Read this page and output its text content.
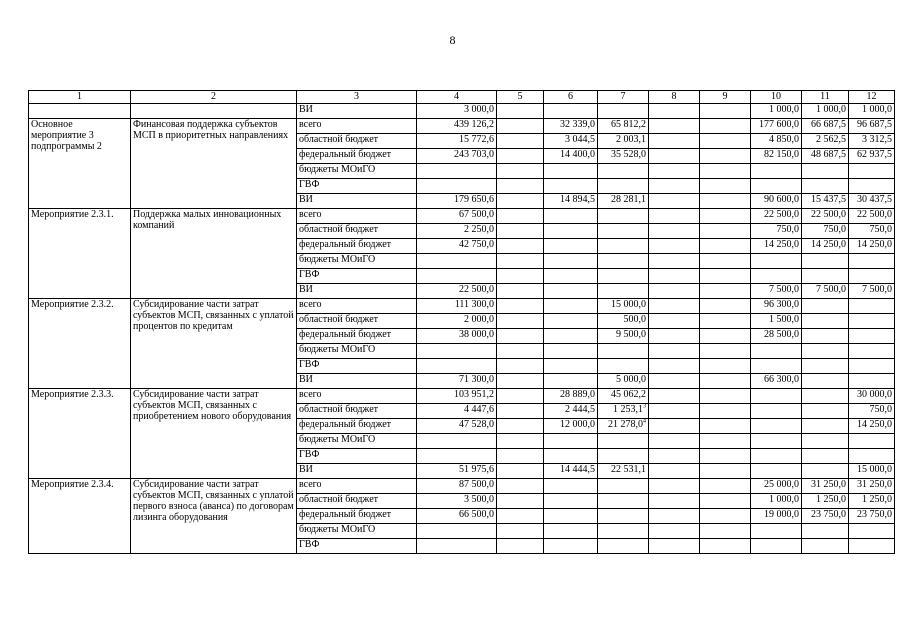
8
1	2	3	4	5	6	7	8	9	10	11	12
		ВИ	3 000,0						1 000,0	1 000,0	1 000,0
Основное мероприятие 3 подпрограммы 2	Финансовая поддержка субъектов МСП в приоритетных направлениях	всего	439 126,2		32 339,0	65 812,2			177 600,0	66 687,5	96 687,5
		областной бюджет	15 772,6		3 044,5	2 003,1			4 850,0	2 562,5	3 312,5
		федеральный бюджет	243 703,0		14 400,0	35 528,0			82 150,0	48 687,5	62 937,5
		бюджеты МОиГО									
		ГВФ									
		ВИ	179 650,6		14 894,5	28 281,1			90 600,0	15 437,5	30 437,5
Мероприятие 2.3.1.	Поддержка малых инновационных компаний	всего	67 500,0						22 500,0	22 500,0	22 500,0
		областной бюджет	2 250,0						750,0	750,0	750,0
		федеральный бюджет	42 750,0						14 250,0	14 250,0	14 250,0
		бюджеты МОиГО									
		ГВФ									
		ВИ	22 500,0						7 500,0	7 500,0	7 500,0
Мероприятие 2.3.2.	Субсидирование части затрат субъектов МСП, связанных с уплатой процентов по кредитам	всего	111 300,0			15 000,0			96 300,0		
		областной бюджет	2 000,0			500,0			1 500,0		
		федеральный бюджет	38 000,0			9 500,0			28 500,0		
		бюджеты МОиГО									
		ГВФ									
		ВИ	71 300,0			5 000,0			66 300,0		
Мероприятие 2.3.3.	Субсидирование части затрат субъектов МСП, связанных с приобретением нового оборудования	всего	103 951,2		28 889,0	45 062,2					30 000,0
		областной бюджет	4 447,6		2 444,5	1 253,1$^3$					750,0
		федеральный бюджет	47 528,0		12 000,0	21 278,0$^4$					14 250,0
		бюджеты МОиГО									
		ГВФ									
		ВИ	51 975,6		14 444,5	22 531,1					15 000,0
Мероприятие 2.3.4.	Субсидирование части затрат субъектов МСП, связанных с уплатой первого взноса (аванса) по договорам лизинга оборудования	всего	87 500,0						25 000,0	31 250,0	31 250,0
		областной бюджет	3 500,0						1 000,0	1 250,0	1 250,0
		федеральный бюджет	66 500,0						19 000,0	23 750,0	23 750,0
		бюджеты МОиГО									
		ГВФ									
